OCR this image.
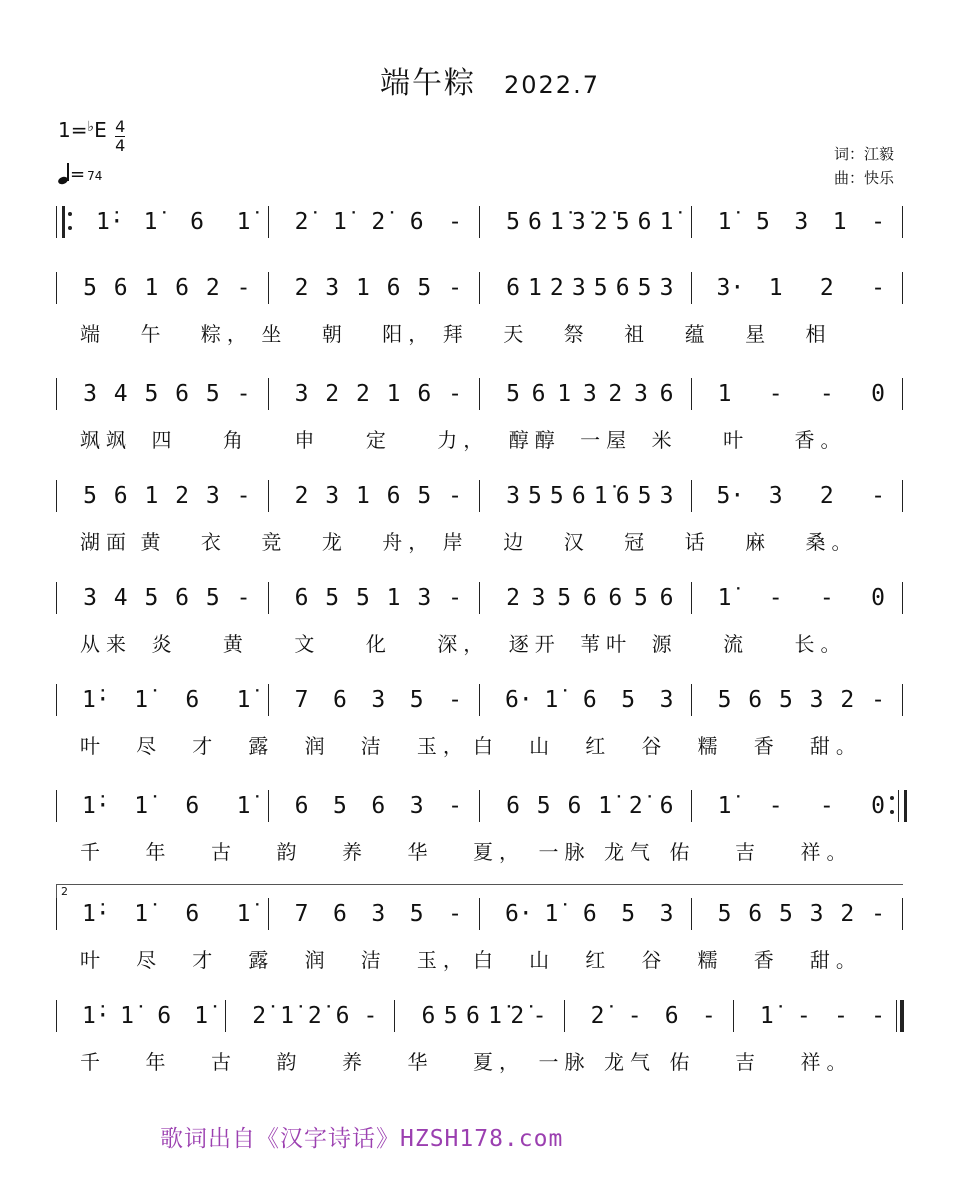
端午粽 2022.7
$1=^♭E \frac{4}{4}$
= 74
词：江毅
曲：快乐
1̇· 1̇ 6 1̇ 2̇ 1̇ 2̇ 6 - 5 6 1̇ 3̇ 2̇ 5 6 1̇ 1̇ 5 3 1 -
5 6 1 6 2 - 2 3 1 6 5 - 6 1 2 3 5 6 5 3 3· 1 2 -
端 午 粽， 坐 朝 阳， 拜 天 祭 祖 蕴 星 相
3 4 5 6 5 - 3 2 2 1 6 - 5 6 1 3 2 3 6 1 - - 0
飒飒 四 角 申 定 力， 醇醇 一屋 米 叶 香。
5 6 1 2 3 - 2 3 1 6 5 - 3 5 5 6 1̇ 6 5 3 5· 3 2 -
湖面 黄 衣 竞 龙 舟， 岸 边 汉 冠 话 麻 桑。
3 4 5 6 5 - 6 5 5 1 3 - 2 3 5 6 6 5 6 1̇ - - 0
从来 炎 黄 文 化 深， 逐开 苇叶 源 流 长。
1̇· 1̇ 6 1̇ 7 6 3 5 - 6· 1̇ 6 5 3 5 6 5 3 2 -
叶 尽 才 露 润 洁 玉， 白 山 红 谷 糯 香 甜。
1̇· 1̇ 6 1̇ 6 5 6 3 - 6 5 6 1̇ 2̇ 6 1̇ - - 0
千 年 古 韵 养 华 夏， 一脉 龙气 佑 吉 祥。
2
1̇· 1̇ 6 1̇ 7 6 3 5 - 6· 1̇ 6 5 3 5 6 5 3 2 -
叶 尽 才 露 润 洁 玉， 白 山 红 谷 糯 香 甜。
1̇· 1̇ 6 1̇ 2̇ 1̇ 2̇ 6 - 6 5 6 1̇ 2̇ - 2̇ - 6 - 1̇ - - -
千 年 古 韵 养 华 夏， 一脉 龙气 佑 吉 祥。
歌词出自《汉字诗话》HZSH178.com
